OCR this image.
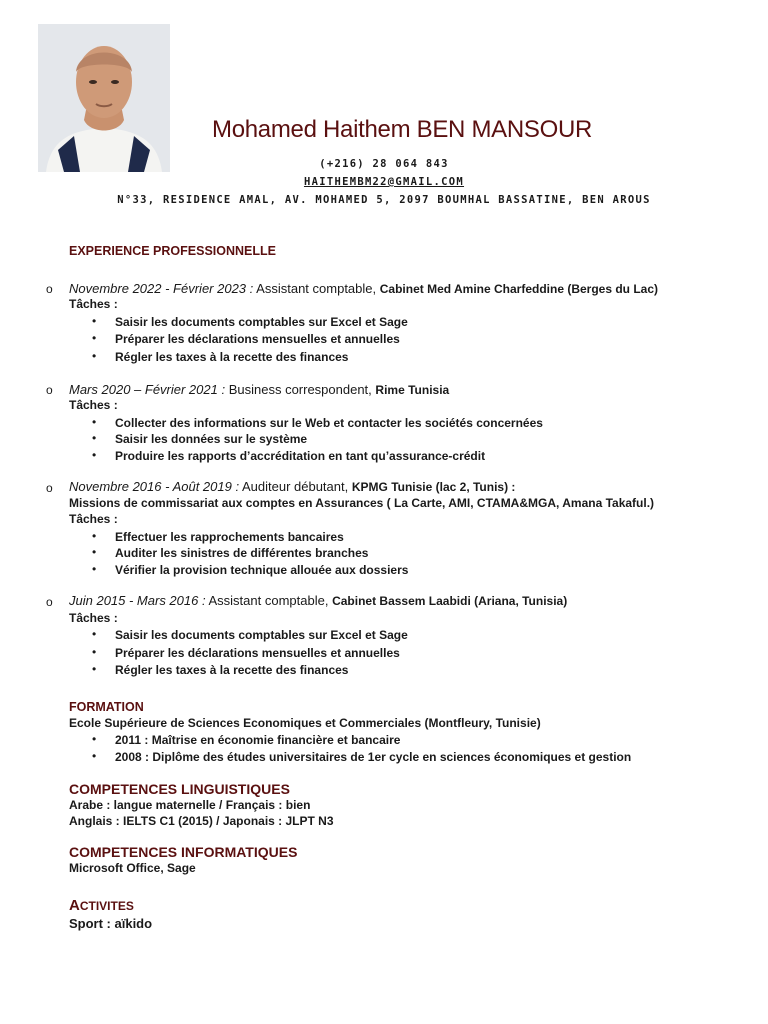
Mohamed Haithem BEN MANSOUR
(+216) 28 064 843
HAITHEMBM22@GMAIL.COM
N°33, RESIDENCE AMAL, AV. MOHAMED 5, 2097 BOUMHAL BASSATINE, BEN AROUS
EXPERIENCE PROFESSIONNELLE
o Novembre 2022 - Février 2023 : Assistant comptable, Cabinet Med Amine Charfeddine (Berges du Lac)
Tâches :
• Saisir les documents comptables sur Excel et Sage
• Préparer les déclarations mensuelles et annuelles
• Régler les taxes à la recette des finances
o Mars 2020 – Février 2021 : Business correspondent, Rime Tunisia
Tâches :
• Collecter des informations sur le Web et contacter les sociétés concernées
• Saisir les données sur le système
• Produire les rapports d’accréditation en tant qu’assurance-crédit
o Novembre 2016 - Août 2019 : Auditeur débutant, KPMG Tunisie (lac 2, Tunis) :
Missions de commissariat aux comptes en Assurances ( La Carte, AMI, CTAMA&MGA, Amana Takaful.)
Tâches :
• Effectuer les rapprochements bancaires
• Auditer les sinistres de différentes branches
• Vérifier la provision technique allouée aux dossiers
o Juin 2015 - Mars 2016 : Assistant comptable, Cabinet Bassem Laabidi (Ariana, Tunisia)
Tâches :
• Saisir les documents comptables sur Excel et Sage
• Préparer les déclarations mensuelles et annuelles
• Régler les taxes à la recette des finances
FORMATION
Ecole Supérieure de Sciences Economiques et Commerciales (Montfleury, Tunisie)
• 2011 : Maîtrise en économie financière et bancaire
• 2008 : Diplôme des études universitaires de 1er cycle en sciences économiques et gestion
COMPETENCES LINGUISTIQUES
Arabe : langue maternelle / Français : bien
Anglais : IELTS C1 (2015) / Japonais : JLPT N3
COMPETENCES INFORMATIQUES
Microsoft Office, Sage
ACTIVITES
Sport : aïkido
